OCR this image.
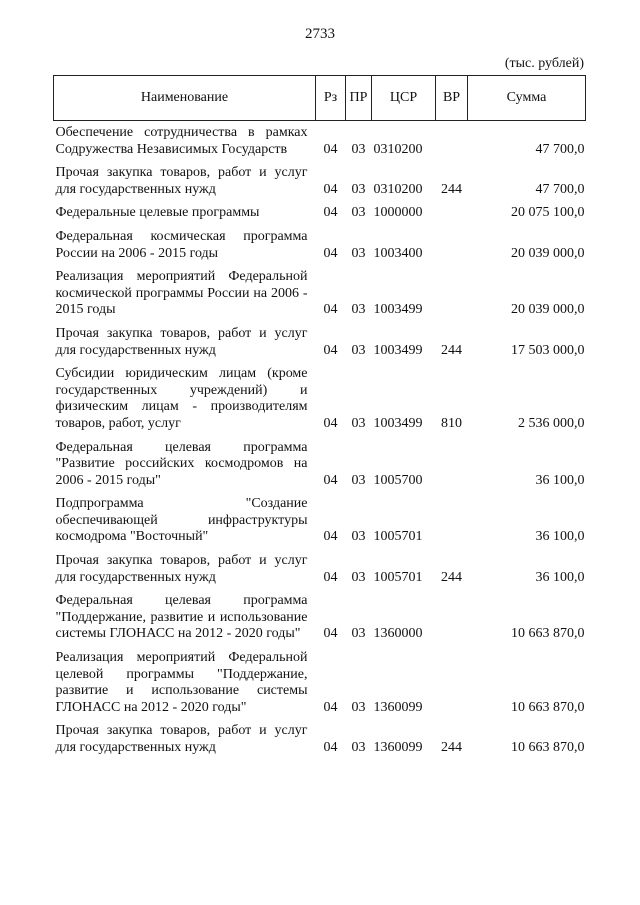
2733
(тыс. рублей)
Наименование	Рз	ПР	ЦСР	ВР	Сумма
Обеспечение сотрудничества в рамках Содружества Независимых Государств	04	03	0310200		47 700,0
Прочая закупка товаров, работ и услуг для государственных нужд	04	03	0310200	244	47 700,0
Федеральные целевые программы	04	03	1000000		20 075 100,0
Федеральная космическая программа России на 2006 - 2015 годы	04	03	1003400		20 039 000,0
Реализация мероприятий Федеральной космической программы России на 2006 - 2015 годы	04	03	1003499		20 039 000,0
Прочая закупка товаров, работ и услуг для государственных нужд	04	03	1003499	244	17 503 000,0
Субсидии юридическим лицам (кроме государственных учреждений) и физическим лицам - производителям товаров, работ, услуг	04	03	1003499	810	2 536 000,0
Федеральная целевая программа "Развитие российских космодромов на 2006 - 2015 годы"	04	03	1005700		36 100,0
Подпрограмма "Создание обеспечивающей инфраструктуры космодрома "Восточный"	04	03	1005701		36 100,0
Прочая закупка товаров, работ и услуг для государственных нужд	04	03	1005701	244	36 100,0
Федеральная целевая программа "Поддержание, развитие и использование системы ГЛОНАСС на 2012 - 2020 годы"	04	03	1360000		10 663 870,0
Реализация мероприятий Федеральной целевой программы "Поддержание, развитие и использование системы ГЛОНАСС на 2012 - 2020 годы"	04	03	1360099		10 663 870,0
Прочая закупка товаров, работ и услуг для государственных нужд	04	03	1360099	244	10 663 870,0
